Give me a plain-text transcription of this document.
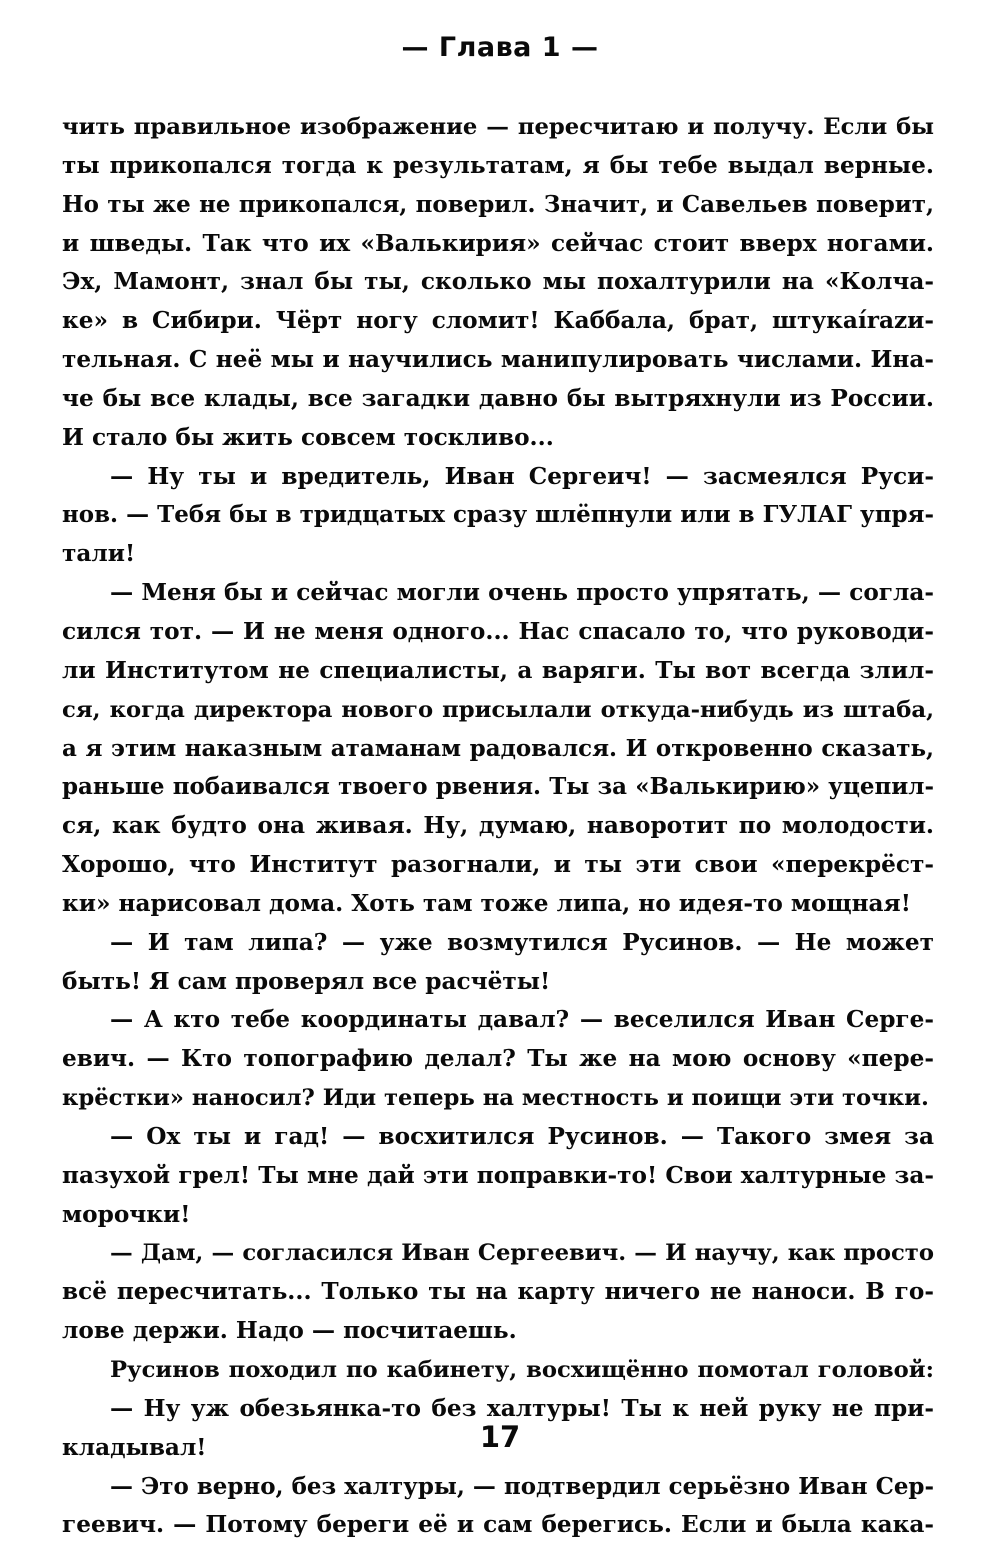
— Глава 1 —
чить правильное изображение — пересчитаю и получу. Если бы
ты прикопался тогда к результатам, я бы тебе выдал верные.
Но ты же не прикопался, поверил. Значит, и Савельев поверит,
и шведы. Так что их «Валькирия» сейчас стоит вверх ногами.
Эх, Мамонт, знал бы ты, сколько мы похалтурили на «Колча-
ке» в Сибири. Чёрт ногу сломит! Каббала, брат, штукаírazи-
тельная. С неё мы и научились манипулировать числами. Ина-
че бы все клады, все загадки давно бы вытряхнули из России.
И стало бы жить совсем тоскливо...
— Ну ты и вредитель, Иван Сергеич! — засмеялся Руси-
нов. — Тебя бы в тридцатых сразу шлёпнули или в ГУЛАГ упря-
тали!
— Меня бы и сейчас могли очень просто упрятать, — согла-
сился тот. — И не меня одного... Нас спасало то, что руководи-
ли Институтом не специалисты, а варяги. Ты вот всегда злил-
ся, когда директора нового присылали откуда-нибудь из штаба,
а я этим наказным атаманам радовался. И откровенно сказать,
раньше побаивался твоего рвения. Ты за «Валькирию» уцепил-
ся, как будто она живая. Ну, думаю, наворотит по молодости.
Хорошо, что Институт разогнали, и ты эти свои «перекрёст-
ки» нарисовал дома. Хоть там тоже липа, но идея-то мощная!
— И там липа? — уже возмутился Русинов. — Не может
быть! Я сам проверял все расчёты!
— А кто тебе координаты давал? — веселился Иван Серге-
евич. — Кто топографию делал? Ты же на мою основу «пере-
крёстки» наносил? Иди теперь на местность и поищи эти точки.
— Ох ты и гад! — восхитился Русинов. — Такого змея за
пазухой грел! Ты мне дай эти поправки-то! Свои халтурные за-
морочки!
— Дам, — согласился Иван Сергеевич. — И научу, как просто
всё пересчитать... Только ты на карту ничего не наноси. В го-
лове держи. Надо — посчитаешь.
Русинов походил по кабинету, восхищённо помотал головой:
— Ну уж обезьянка-то без халтуры! Ты к ней руку не при-
кладывал!
— Это верно, без халтуры, — подтвердил серьёзно Иван Сер-
геевич. — Потому береги её и сам берегись. Если и была кака-
17
